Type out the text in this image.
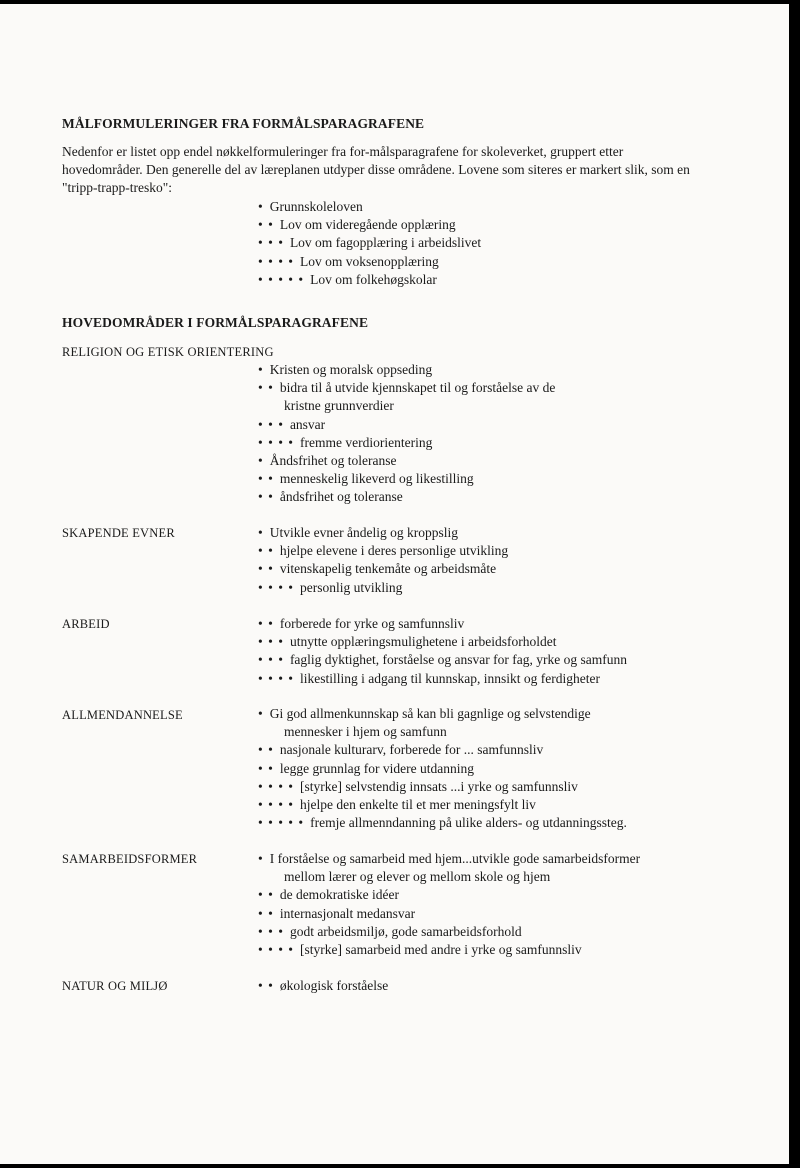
MÅLFORMULERINGER FRA FORMÅLSPARAGRAFENE

Nedenfor er listet opp endel nøkkelformuleringer fra for-målsparagrafene for skoleverket, gruppert etter hovedområder. Den generelle del av læreplanen utdyper disse områdene. Lovene som siteres er markert slik, som en "tripp-trapp-tresko":

• Grunnskoleloven
• • Lov om videregående opplæring
• • • Lov om fagopplæring i arbeidslivet
• • • • Lov om voksenopplæring
• • • • • Lov om folkehøgskolar
HOVEDOMRÅDER I FORMÅLSPARAGRAFENE
RELIGION OG ETISK ORIENTERING
• Kristen og moralsk oppseding
• • bidra til å utvide kjennskapet til og forståelse av de
kristne grunnverdier
• • • ansvar
• • • • fremme verdiorientering
• Åndsfrihet og toleranse
• • menneskelig likeverd og likestilling
• • åndsfrihet og toleranse
SKAPENDE EVNER	• Utvikle evner åndelig og kroppslig
• • hjelpe elevene i deres personlige utvikling
• • vitenskapelig tenkemåte og arbeidsmåte
• • • • personlig utvikling
ARBEID	• • forberede for yrke og samfunnsliv
• • • utnytte opplæringsmulighetene i arbeidsforholdet
• • • faglig dyktighet, forståelse og ansvar for fag, yrke og samfunn
• • • • likestilling i adgang til kunnskap, innsikt og ferdigheter
ALLMENDANNELSE	• Gi god allmenkunnskap så kan bli gagnlige og selvstendige
mennesker i hjem og samfunn
• • nasjonale kulturarv, forberede for ... samfunnsliv
• • legge grunnlag for videre utdanning
• • • • [styrke] selvstendig innsats ...i yrke og samfunnsliv
• • • • hjelpe den enkelte til et mer meningsfylt liv
• • • • • fremje allmenndanning på ulike alders- og utdanningssteg.
SAMARBEIDSFORMER	• I forståelse og samarbeid med hjem...utvikle gode samarbeidsformer
mellom lærer og elever og mellom skole og hjem
• • de demokratiske idéer
• • internasjonalt medansvar
• • • godt arbeidsmiljø, gode samarbeidsforhold
• • • • [styrke] samarbeid med andre i yrke og samfunnsliv
NATUR OG MILJØ	• • økologisk forståelse
